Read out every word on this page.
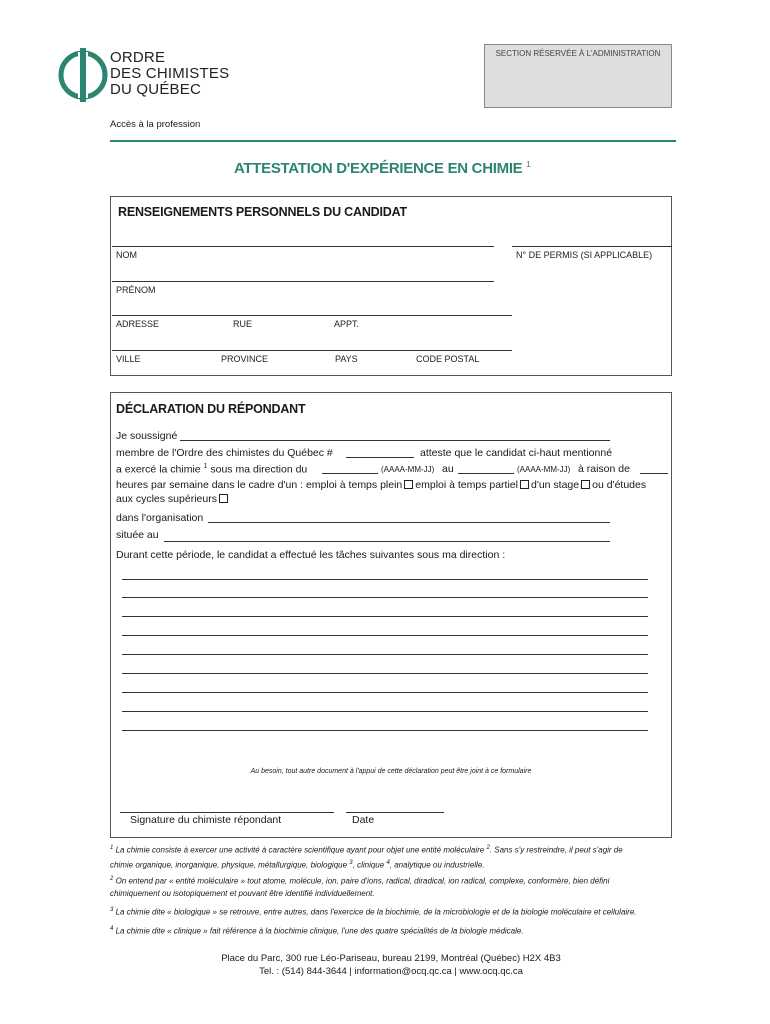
ORDRE
DES CHIMISTES
DU QUÉBEC
SECTION RÉSERVÉE À L'ADMINISTRATION
Accès à la profession
ATTESTATION D'EXPÉRIENCE EN CHIMIE $^1$
RENSEIGNEMENTS PERSONNELS DU CANDIDAT
NOM	N° DE PERMIS (SI APPLICABLE)
PRÉNOM
ADRESSE	RUE	APPT.
VILLE	PROVINCE	PAYS	CODE POSTAL
DÉCLARATION DU RÉPONDANT
Je soussigné
membre de l'Ordre des chimistes du Québec #	atteste que le candidat ci-haut mentionné
a exercé la chimie $^1$ sous ma direction du	(AAAA-MM-JJ) au	(AAAA-MM-JJ) à raison de
heures par semaine dans le cadre d'un : emploi à temps plein emploi à temps partiel d'un stage ou d'études
aux cycles supérieurs
dans l'organisation
située au
Durant cette période, le candidat a effectué les tâches suivantes sous ma direction :
Au besoin, tout autre document à l'appui de cette déclaration peut être joint à ce formulaire
Signature du chimiste répondant	Date
$^1$ La chimie consiste à exercer une activité à caractère scientifique ayant pour objet une entité moléculaire $^2$. Sans s'y restreindre, il peut s'agir de
chimie organique, inorganique, physique, métallurgique, biologique $^3$, clinique $^4$, analytique ou industrielle.
$^2$ On entend par « entité moléculaire » tout atome, molécule, ion, paire d'ions, radical, diradical, ion radical, complexe, conformère, bien défini
chimiquement ou isotopiquement et pouvant être identifié individuellement.
$^3$ La chimie dite « biologique » se retrouve, entre autres, dans l'exercice de la biochimie, de la microbiologie et de la biologie moléculaire et cellulaire.
$^4$ La chimie dite « clinique » fait référence à la biochimie clinique, l'une des quatre spécialités de la biologie médicale.
Place du Parc, 300 rue Léo-Pariseau, bureau 2199, Montréal (Québec) H2X 4B3
Tel. : (514) 844-3644 | information@ocq.qc.ca | www.ocq.qc.ca
